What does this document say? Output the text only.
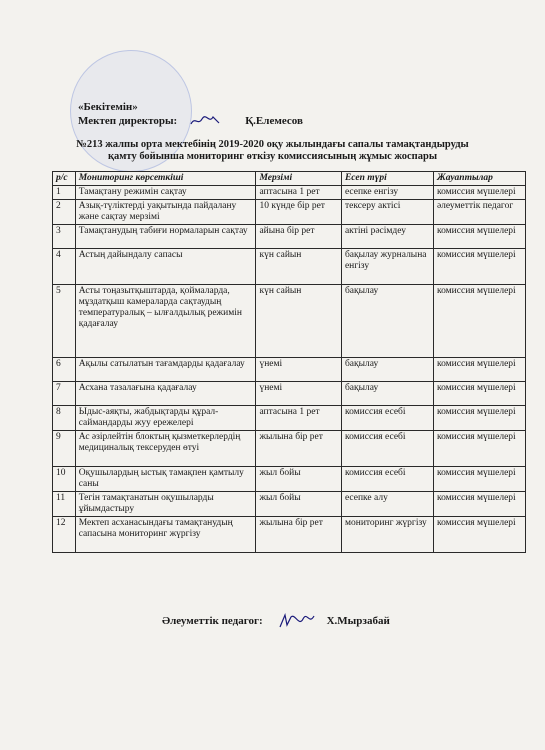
«Бекітемін»
Мектеп директоры:	Қ.Елемесов
№213 жалпы орта мектебінің 2019-2020 оқу жылындағы сапалы тамақтандыруды
қамту бойынша мониторинг өткізу комиссиясының жұмыс жоспары
р/с	Мониторинг көрсеткіші	Мерзімі	Есеп түрі	Жауаптылар
1	Тамақтану режимін сақтау	аптасына 1 рет	есепке енгізу	комиссия мүшелері
2	Азық-түліктерді уақытында пайдалану және сақтау мерзімі	10 күнде бір рет	тексеру актісі	әлеуметтік педагог
3	Тамақтанудың табиғи нормаларын сақтау	айына бір рет	актіні рәсімдеу	комиссия мүшелері
4	Астың дайындалу сапасы	күн сайын	бақылау журналына енгізу	комиссия мүшелері
5	Асты тоңазытқыштарда, қоймаларда, мұздатқыш камераларда сақтаудың температуралық – ылғалдылық режимін қадағалау	күн сайын	бақылау	комиссия мүшелері
6	Ақылы сатылатын тағамдарды қадағалау	үнемі	бақылау	комиссия мүшелері
7	Асхана тазалағына қадағалау	үнемі	бақылау	комиссия мүшелері
8	Ыдыс-аяқты, жабдықтарды құрал-саймандарды жуу ережелері	аптасына 1 рет	комиссия есебі	комиссия мүшелері
9	Ас әзірлейтін блоктың қызметкерлердің медициналық тексеруден өтуі	жылына бір рет	комиссия есебі	комиссия мүшелері
10	Оқушылардың ыстық тамақпен қамтылу саны	жыл бойы	комиссия есебі	комиссия мүшелері
11	Тегін тамақтанатын оқушыларды ұйымдастыру	жыл бойы	есепке алу	комиссия мүшелері
12	Мектеп асханасындағы тамақтанудың сапасына мониторинг жүргізу	жылына бір рет	мониторинг жүргізу	комиссия мүшелері
Әлеуметтік педагог:	Х.Мырзабай
